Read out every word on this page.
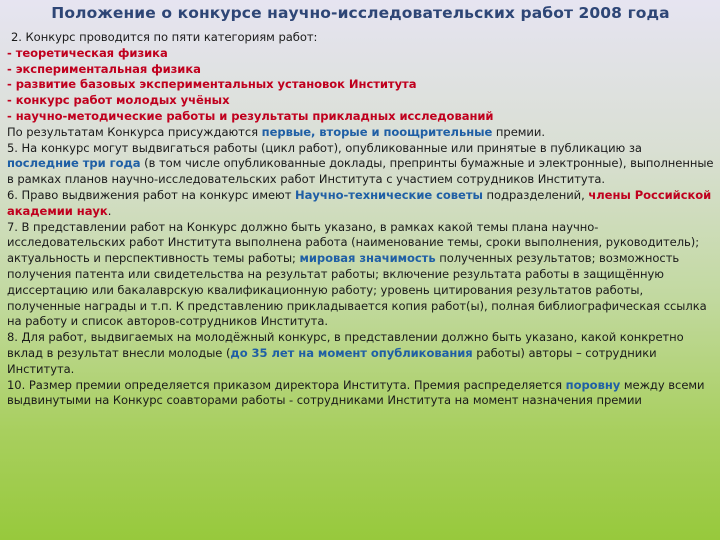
Положение о конкурсе научно-исследовательских работ 2008 года

2. Конкурс проводится по пяти категориям работ:

- теоретическая физика

- экспериментальная физика

- развитие базовых экспериментальных установок Института

- конкурс работ молодых учёных

- научно-методические работы и результаты прикладных исследований

По результатам Конкурса присуждаются первые, вторые и поощрительные премии.

5. На конкурс могут выдвигаться работы (цикл работ), опубликованные или принятые в публикацию за последние три года (в том числе опубликованные доклады, препринты бумажные и электронные), выполненные в рамках планов научно-исследовательских работ Института с участием сотрудников Института.

6. Право выдвижения работ на конкурс имеют Научно-технические советы подразделений, члены Российской академии наук.

7. В представлении работ на Конкурс должно быть указано, в рамках какой темы плана научно-исследовательских работ Института выполнена работа (наименование темы, сроки выполнения, руководитель); актуальность и перспективность темы работы; мировая значимость полученных результатов; возможность получения патента или свидетельства на результат работы; включение результата работы в защищённую диссертацию или бакалаврскую квалификационную работу; уровень цитирования результатов работы, полученные награды и т.п. К представлению прикладывается копия работ(ы), полная библиографическая ссылка на работу и список авторов-сотрудников Института.

8. Для работ, выдвигаемых на молодёжный конкурс, в представлении должно быть указано, какой конкретно вклад в результат внесли молодые (до 35 лет на момент опубликования работы) авторы – сотрудники Института.

10. Размер премии определяется приказом директора Института. Премия распределяется поровну между всеми выдвинутыми на Конкурс соавторами работы - сотрудниками Института на момент назначения премии
